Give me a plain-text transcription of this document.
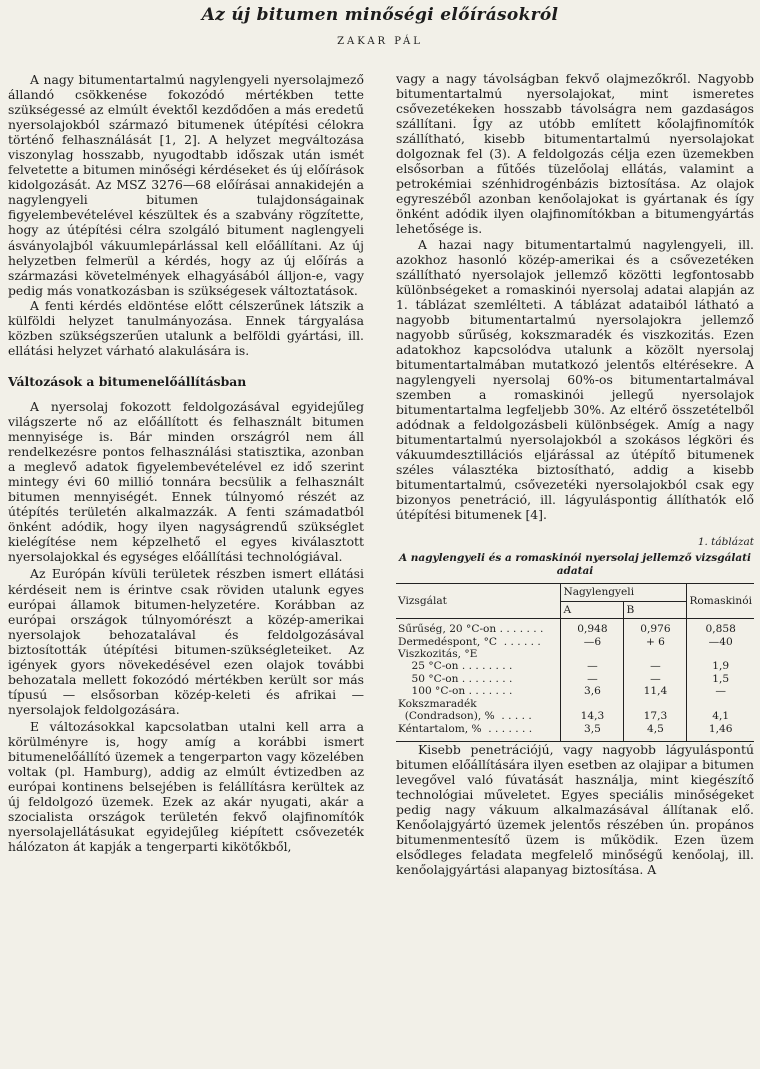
Az új bitumen minőségi előírásokról
ZAKAR PÁL

A nagy bitumentartalmú nagylengyeli nyersolajmező állandó csökkenése fokozódó mértékben tette szükségessé az elmúlt évektől kezdődően a más eredetű nyersolajokból származó bitumenek útépítési célokra történő felhasználását [1, 2]. A helyzet megváltozása viszonylag hosszabb, nyugodtabb időszak után ismét felvetette a bitumen minőségi kérdéseket és új előírások kidolgozását. Az MSZ 3276—68 előírásai annakidején a nagylengyeli bitumen tulajdonságainak figyelembevételével készültek és a szabvány rögzítette, hogy az útépítési célra szolgáló bitument naglengyeli ásványolajból vákuumlepárlással kell előállítani. Az új helyzetben felmerül a kérdés, hogy az új előírás a származási követelmények elhagyásából álljon-e, vagy pedig más vonatkozásban is szükségesek változtatások.

A fenti kérdés eldöntése előtt célszerűnek látszik a külföldi helyzet tanulmányozása. Ennek tárgyalása közben szükségszerűen utalunk a belföldi gyártási, ill. ellátási helyzet várható alakulására is.

Változások a bitumenelőállításban

A nyersolaj fokozott feldolgozásával egyidejűleg világszerte nő az előállított és felhasznált bitumen mennyisége is. Bár minden országról nem áll rendelkezésre pontos felhasználási statisztika, azonban a meglevő adatok figyelembevételével ez idő szerint mintegy évi 60 millió tonnára becsülik a felhasznált bitumen mennyiségét. Ennek túlnyomó részét az útépítés területén alkalmazzák. A fenti számadatból önként adódik, hogy ilyen nagyságrendű szükséglet kielégítése nem képzelhető el egyes kiválasztott nyersolajokkal és egységes előállítási technológiával.

Az Európán kívüli területek részben ismert ellátási kérdéseit nem is érintve csak röviden utalunk egyes európai államok bitumen-helyzetére. Korábban az európai országok túlnyomórészt a közép-amerikai nyersolajok behozatalával és feldolgozásával biztosították útépítési bitumen-szükségleteiket. Az igények gyors növekedésével ezen olajok további behozatala mellett fokozódó mértékben került sor más típusú — elsősorban közép-keleti és afrikai — nyersolajok feldolgozására.

E változásokkal kapcsolatban utalni kell arra a körülményre is, hogy amíg a korábbi ismert bitumenelőállító üzemek a tengerparton vagy közelében voltak (pl. Hamburg), addig az elmúlt évtizedben az európai kontinens belsejében is felállításra kerültek az új feldolgozó üzemek. Ezek az akár nyugati, akár a szocialista országok területén fekvő olajfinomítók nyersolajellátásukat egyidejűleg kiépített csővezeték hálózaton át kapják a tengerparti kikötőkből,

vagy a nagy távolságban fekvő olajmezőkről. Nagyobb bitumentartalmú nyersolajokat, mint ismeretes csővezetékeken hosszabb távolságra nem gazdaságos szállítani. Így az utóbb említett kőolajfinomítók szállítható, kisebb bitumentartalmú nyersolajokat dolgoznak fel (3). A feldolgozás célja ezen üzemekben elsősorban a fűtőés tüzelőolaj ellátás, valamint a petrokémiai szénhidrogénbázis biztosítása. Az olajok egyreszéből azonban kenőolajokat is gyártanak és így önként adódik ilyen olajfinomítókban a bitumengyártás lehetősége is.

A hazai nagy bitumentartalmú nagylengyeli, ill. azokhoz hasonló közép-amerikai és a csővezetéken szállítható nyersolajok jellemző közötti legfontosabb különbségeket a romaskinói nyersolaj adatai alapján az 1. táblázat szemlélteti. A táblázat adataiból látható a nagyobb bitumentartalmú nyersolajokra jellemző nagyobb sűrűség, kokszmaradék és viszkozitás. Ezen adatokhoz kapcsolódva utalunk a közölt nyersolaj bitumentartalmában mutatkozó jelentős eltérésekre. A nagylengyeli nyersolaj 60%-os bitumentartalmával szemben a romaskinói jellegű nyersolajok bitumentartalma legfeljebb 30%. Az eltérő összetételből adódnak a feldolgozásbeli különbségek. Amíg a nagy bitumentartalmú nyersolajokból a szokásos légköri és vákuumdesztillációs eljárással az útépítő bitumenek széles választéka biztosítható, addig a kisebb bitumentartalmú, csővezetéki nyersolajokból csak egy bizonyos penetráció, ill. lágyuláspontig állíthatók elő útépítési bitumenek [4].

1. táblázat
A nagylengyeli és a romaskinói nyersolaj jellemző vizsgálati adatai
Vizsgálat	Nagylengyeli		Romaskinói
	A	B	
Sűrűség, 20 °C-on . . . . . . .	0,948	0,976	0,858
Dermedéspont, °C  . . . . . .	—6	+ 6	—40
Viszkozitás, °E			
25 °C-on . . . . . . . .	—	—	1,9
50 °C-on . . . . . . . .	—	—	1,5
100 °C-on . . . . . . .	3,6	11,4	—
Kokszmaradék			
(Condradson), %  . . . . .	14,3	17,3	4,1
Kéntartalom, %  . . . . . . .	3,5	4,5	1,46

Kisebb penetrációjú, vagy nagyobb lágyuláspontú bitumen előállítására ilyen esetben az olajipar a bitumen levegővel való fúvatását használja, mint kiegészítő technológiai műveletet. Egyes speciális minőségeket pedig nagy vákuum alkalmazásával állítanak elő. Kenőolajgyártó üzemek jelentős részében ún. propános bitumenmentesítő üzem is működik. Ezen üzem elsődleges feladata megfelelő minőségű kenőolaj, ill. kenőolajgyártási alapanyag biztosítása. A
